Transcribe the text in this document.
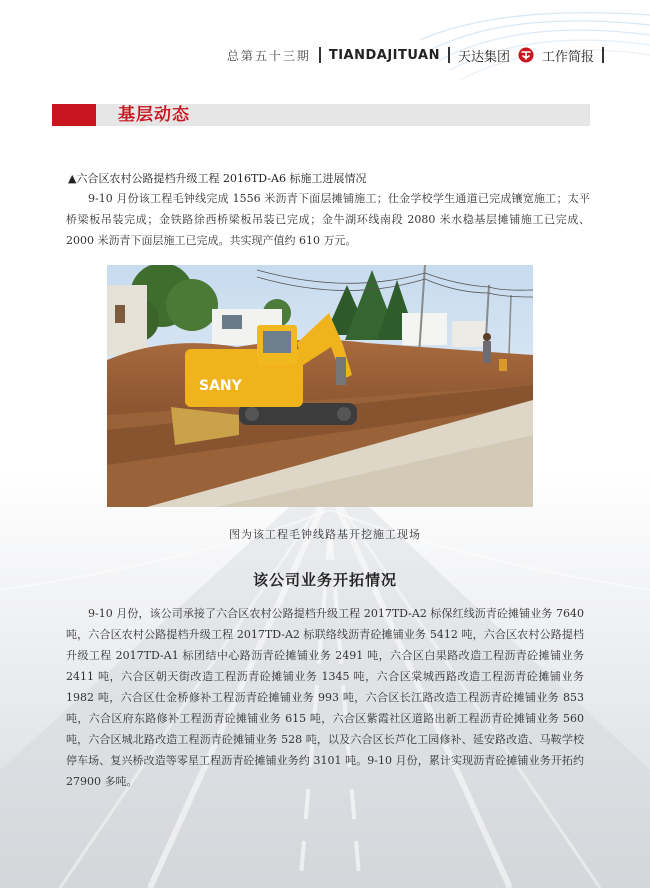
总第五十三期 TIANDAJITUAN 天达集团 工作简报
基层动态
▲六合区农村公路提档升级工程 2016TD-A6 标施工进展情况
9-10 月份该工程毛钟线完成 1556 米沥青下面层摊铺施工；仕金学校学生通道已完成镶宽施工；太平桥梁板吊装完成；金铁路徐西桥梁板吊装已完成；金牛湖环线南段 2080 米水稳基层摊铺施工已完成、2000 米沥青下面层施工已完成。共实现产值约 610 万元。
SANY
图为该工程毛钟线路基开挖施工现场
该公司业务开拓情况
9-10 月份，该公司承接了六合区农村公路提档升级工程 2017TD-A2 标保红线沥青砼摊铺业务 7640 吨，六合区农村公路提档升级工程 2017TD-A2 标联络线沥青砼摊铺业务 5412 吨，六合区农村公路提档升级工程 2017TD-A1 标团结中心路沥青砼摊铺业务 2491 吨，六合区白果路改造工程沥青砼摊铺业务 2411 吨，六合区朝天街改造工程沥青砼摊铺业务 1345 吨，六合区棠城西路改造工程沥青砼摊铺业务 1982 吨，六合区仕金桥修补工程沥青砼摊铺业务 993 吨，六合区长江路改造工程沥青砼摊铺业务 853 吨，六合区府东路修补工程沥青砼摊铺业务 615 吨，六合区紫霞社区道路出新工程沥青砼摊铺业务 560 吨，六合区城北路改造工程沥青砼摊铺业务 528 吨，以及六合区长芦化工园修补、延安路改造、马鞍学校停车场、复兴桥改造等零星工程沥青砼摊铺业务约 3101 吨。9-10 月份，累计实现沥青砼摊铺业务开拓约 27900 多吨。
